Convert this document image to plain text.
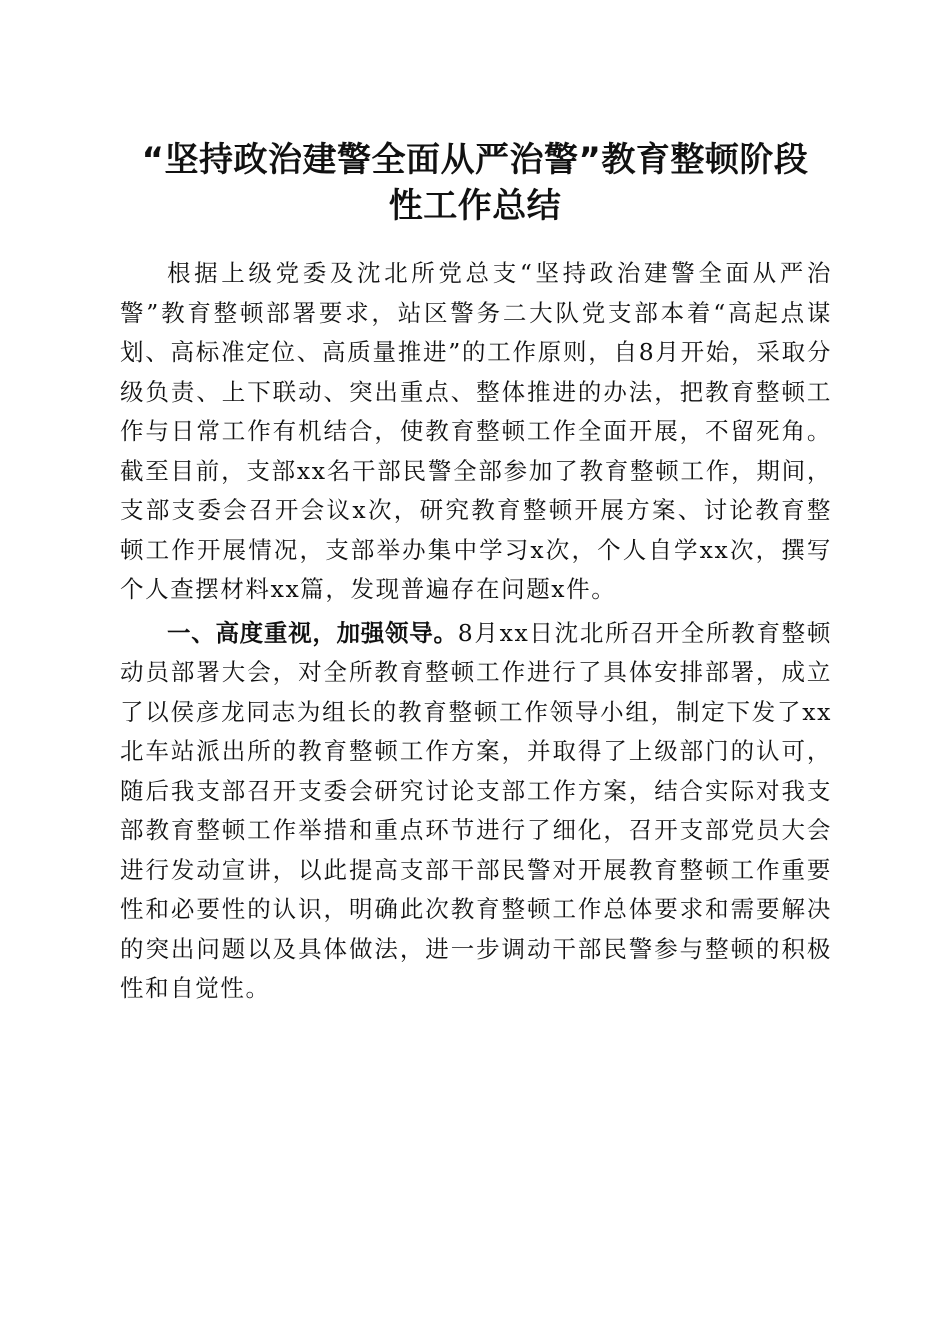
“坚持政治建警全面从严治警”教育整顿阶段
性工作总结

根据上级党委及沈北所党总支“坚持政治建警全面从严治警”教育整顿部署要求，站区警务二大队党支部本着“高起点谋划、高标准定位、高质量推进”的工作原则，自8月开始，采取分级负责、上下联动、突出重点、整体推进的办法，把教育整顿工作与日常工作有机结合，使教育整顿工作全面开展，不留死角。截至目前，支部xx名干部民警全部参加了教育整顿工作，期间，支部支委会召开会议x次，研究教育整顿开展方案、讨论教育整顿工作开展情况，支部举办集中学习x次，个人自学xx次，撰写个人查摆材料xx篇，发现普遍存在问题x件。

一、高度重视，加强领导。8月xx日沈北所召开全所教育整顿动员部署大会，对全所教育整顿工作进行了具体安排部署，成立了以侯彦龙同志为组长的教育整顿工作领导小组，制定下发了xx北车站派出所的教育整顿工作方案，并取得了上级部门的认可，随后我支部召开支委会研究讨论支部工作方案，结合实际对我支部教育整顿工作举措和重点环节进行了细化，召开支部党员大会进行发动宣讲，以此提高支部干部民警对开展教育整顿工作重要性和必要性的认识，明确此次教育整顿工作总体要求和需要解决的突出问题以及具体做法，进一步调动干部民警参与整顿的积极性和自觉性。
